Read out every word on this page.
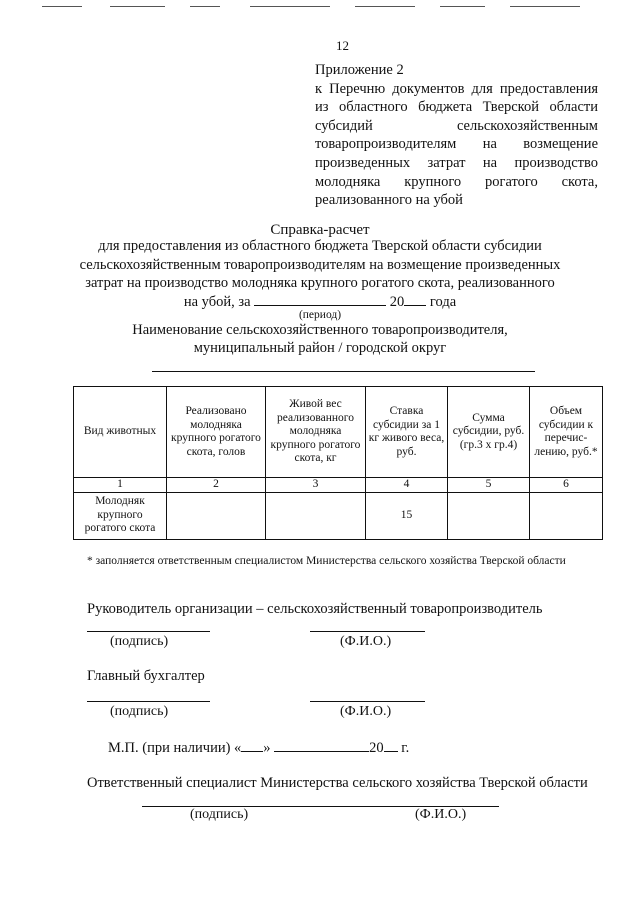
12
Приложение 2
к Перечню документов для предоставления из областного бюджета Тверской области субсидий сельскохозяйственным товаропроизводителям на возмещение произведенных затрат на производство молодняка крупного рогатого скота, реализованного на убой
Справка-расчет
для предоставления из областного бюджета Тверской области субсидии сельскохозяйственным товаропроизводителям на возмещение произведенных затрат на производство молодняка крупного рогатого скота, реализованного
на убой, за	20 года
(период)
Наименование сельскохозяйственного товаропроизводителя,
муниципальный район / городской округ
Вид животных	Реализовано молодняка крупного рогатого скота, голов	Живой вес реализованного молодняка крупного рогатого скота, кг	Ставка субсидии за 1 кг живого веса, руб.	Сумма субсидии, руб. (гр.3 х гр.4)	Объем субсидии к перечис-лению, руб.*
1	2	3	4	5	6
Молодняк крупного рогатого скота			15		
* заполняется ответственным специалистом Министерства сельского хозяйства Тверской области
Руководитель организации – сельскохозяйственный товаропроизводитель
(подпись)	(Ф.И.О.)
Главный бухгалтер
(подпись)	(Ф.И.О.)
М.П. (при наличии) « »	20 г.
Ответственный специалист Министерства сельского хозяйства Тверской области
(подпись)	(Ф.И.О.)
